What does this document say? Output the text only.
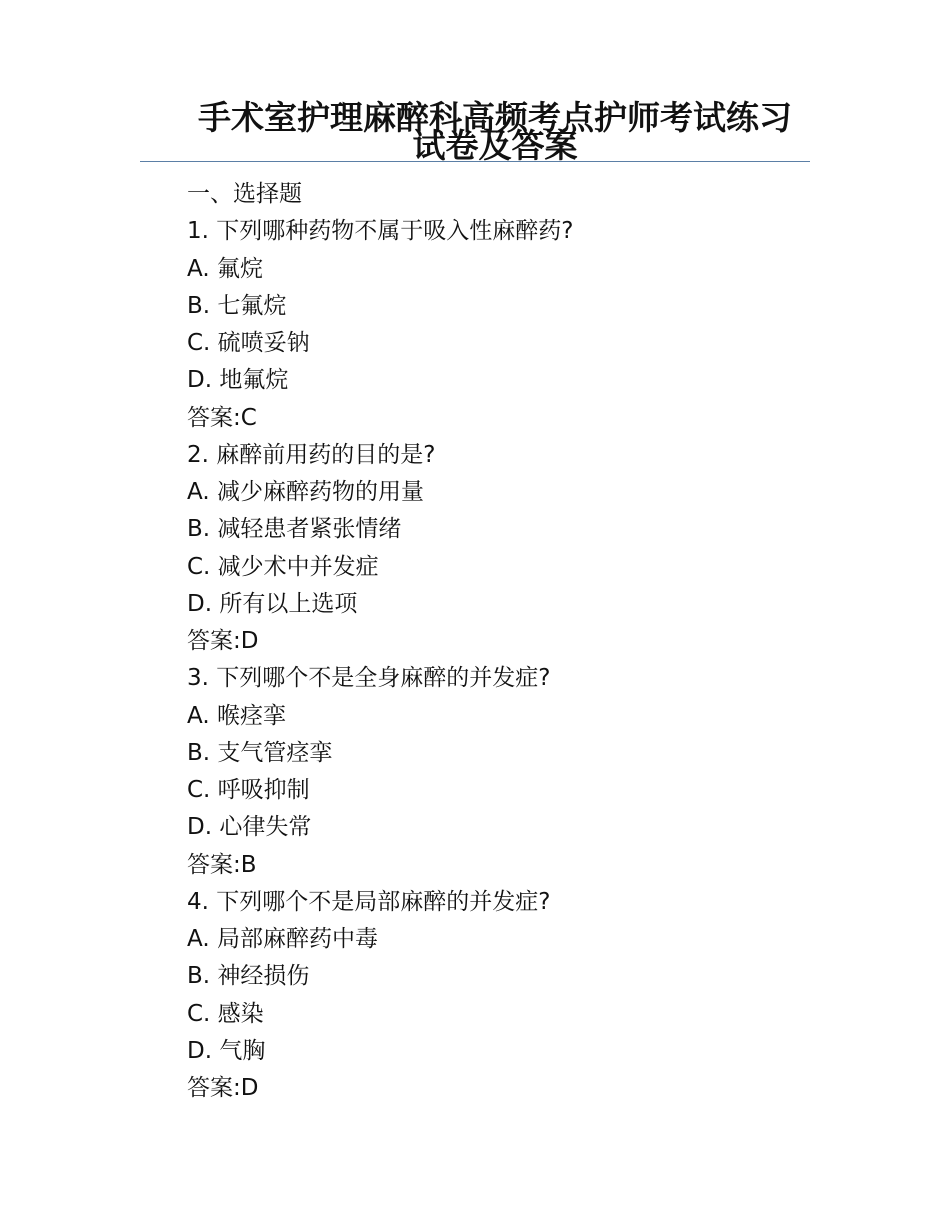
手术室护理麻醉科高频考点护师考试练习
试卷及答案
一、选择题
1. 下列哪种药物不属于吸入性麻醉药?
A. 氟烷
B. 七氟烷
C. 硫喷妥钠
D. 地氟烷
答案:C
2. 麻醉前用药的目的是?
A. 减少麻醉药物的用量
B. 减轻患者紧张情绪
C. 减少术中并发症
D. 所有以上选项
答案:D
3. 下列哪个不是全身麻醉的并发症?
A. 喉痉挛
B. 支气管痉挛
C. 呼吸抑制
D. 心律失常
答案:B
4. 下列哪个不是局部麻醉的并发症?
A. 局部麻醉药中毒
B. 神经损伤
C. 感染
D. 气胸
答案:D
